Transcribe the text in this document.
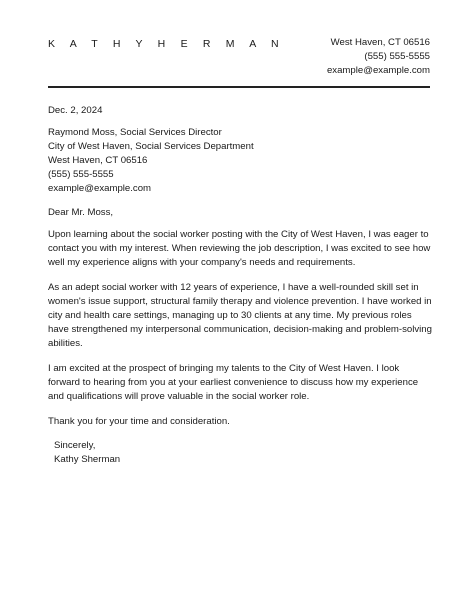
K A T H Y H E R M A N	West Haven, CT 06516
(555) 555-5555
example@example.com

Dec. 2, 2024

Raymond Moss, Social Services Director
City of West Haven, Social Services Department
West Haven, CT 06516
(555) 555-5555
example@example.com

Dear Mr. Moss,

Upon learning about the social worker posting with the City of West Haven, I was eager to contact you with my interest. When reviewing the job description, I was excited to see how well my experience aligns with your company's needs and requirements.

As an adept social worker with 12 years of experience, I have a well-rounded skill set in women's issue support, structural family therapy and violence prevention. I have worked in city and health care settings, managing up to 30 clients at any time. My previous roles have strengthened my interpersonal communication, decision-making and problem-solving abilities.

I am excited at the prospect of bringing my talents to the City of West Haven. I look forward to hearing from you at your earliest convenience to discuss how my experience and qualifications will prove valuable in the social worker role.

Thank you for your time and consideration.

Sincerely,
Kathy Sherman
